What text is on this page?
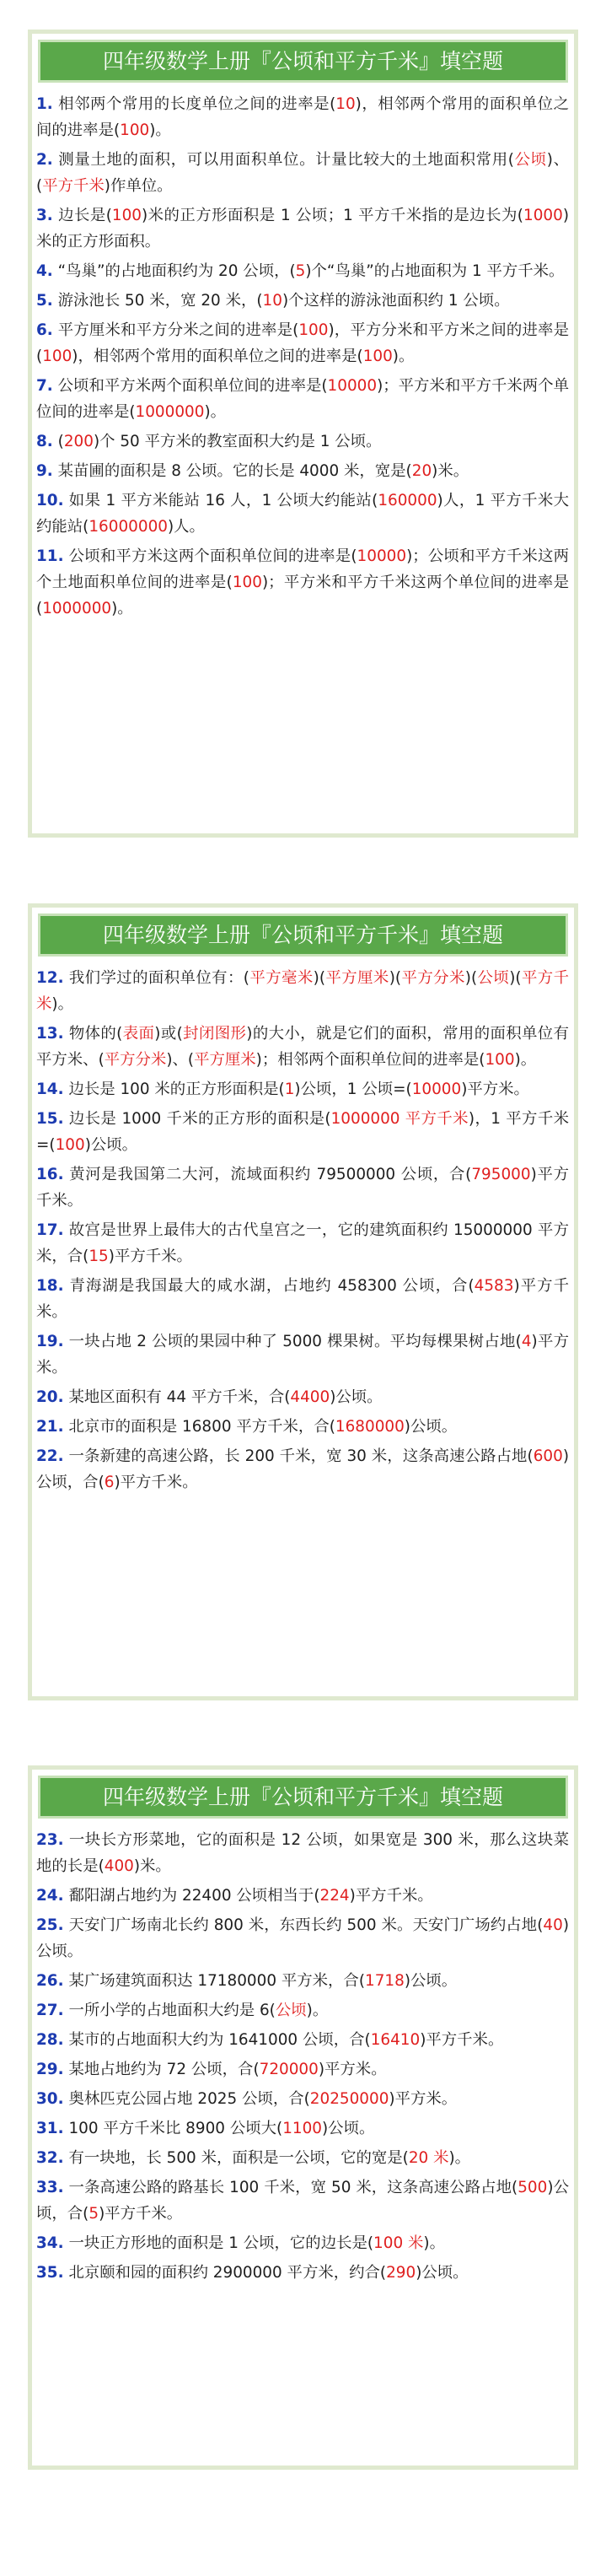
四年级数学上册『公顷和平方千米』填空题
1. 相邻两个常用的长度单位之间的进率是(10)，相邻两个常用的面积单位之间的进率是(100)。
2. 测量土地的面积，可以用面积单位。计量比较大的土地面积常用(公顷)、(平方千米)作单位。
3. 边长是(100)米的正方形面积是 1 公顷；1 平方千米指的是边长为(1000)米的正方形面积。
4. “鸟巢”的占地面积约为 20 公顷，(5)个“鸟巢”的占地面积为 1 平方千米。
5. 游泳池长 50 米，宽 20 米，(10)个这样的游泳池面积约 1 公顷。
6. 平方厘米和平方分米之间的进率是(100)，平方分米和平方米之间的进率是(100)，相邻两个常用的面积单位之间的进率是(100)。
7. 公顷和平方米两个面积单位间的进率是(10000)；平方米和平方千米两个单位间的进率是(1000000)。
8. (200)个 50 平方米的教室面积大约是 1 公顷。
9. 某苗圃的面积是 8 公顷。它的长是 4000 米，宽是(20)米。
10. 如果 1 平方米能站 16 人，1 公顷大约能站(160000)人，1 平方千米大约能站(16000000)人。
11. 公顷和平方米这两个面积单位间的进率是(10000)；公顷和平方千米这两个土地面积单位间的进率是(100)；平方米和平方千米这两个单位间的进率是(1000000)。
四年级数学上册『公顷和平方千米』填空题
12. 我们学过的面积单位有：(平方毫米)(平方厘米)(平方分米)(公顷)(平方千米)。
13. 物体的(表面)或(封闭图形)的大小，就是它们的面积，常用的面积单位有平方米、(平方分米)、(平方厘米)；相邻两个面积单位间的进率是(100)。
14. 边长是 100 米的正方形面积是(1)公顷，1 公顷=(10000)平方米。
15. 边长是 1000 千米的正方形的面积是(1000000 平方千米)，1 平方千米=(100)公顷。
16. 黄河是我国第二大河，流域面积约 79500000 公顷，合(795000)平方千米。
17. 故宫是世界上最伟大的古代皇宫之一，它的建筑面积约 15000000 平方米，合(15)平方千米。
18. 青海湖是我国最大的咸水湖，占地约 458300 公顷，合(4583)平方千米。
19. 一块占地 2 公顷的果园中种了 5000 棵果树。平均每棵果树占地(4)平方米。
20. 某地区面积有 44 平方千米，合(4400)公顷。
21. 北京市的面积是 16800 平方千米，合(1680000)公顷。
22. 一条新建的高速公路，长 200 千米，宽 30 米，这条高速公路占地(600)公顷，合(6)平方千米。
四年级数学上册『公顷和平方千米』填空题
23. 一块长方形菜地，它的面积是 12 公顷，如果宽是 300 米，那么这块菜地的长是(400)米。
24. 鄱阳湖占地约为 22400 公顷相当于(224)平方千米。
25. 天安门广场南北长约 800 米，东西长约 500 米。天安门广场约占地(40)公顷。
26. 某广场建筑面积达 17180000 平方米，合(1718)公顷。
27. 一所小学的占地面积大约是 6(公顷)。
28. 某市的占地面积大约为 1641000 公顷，合(16410)平方千米。
29. 某地占地约为 72 公顷，合(720000)平方米。
30. 奥林匹克公园占地 2025 公顷，合(20250000)平方米。
31. 100 平方千米比 8900 公顷大(1100)公顷。
32. 有一块地，长 500 米，面积是一公顷，它的宽是(20 米)。
33. 一条高速公路的路基长 100 千米，宽 50 米，这条高速公路占地(500)公顷，合(5)平方千米。
34. 一块正方形地的面积是 1 公顷，它的边长是(100 米)。
35. 北京颐和园的面积约 2900000 平方米，约合(290)公顷。
